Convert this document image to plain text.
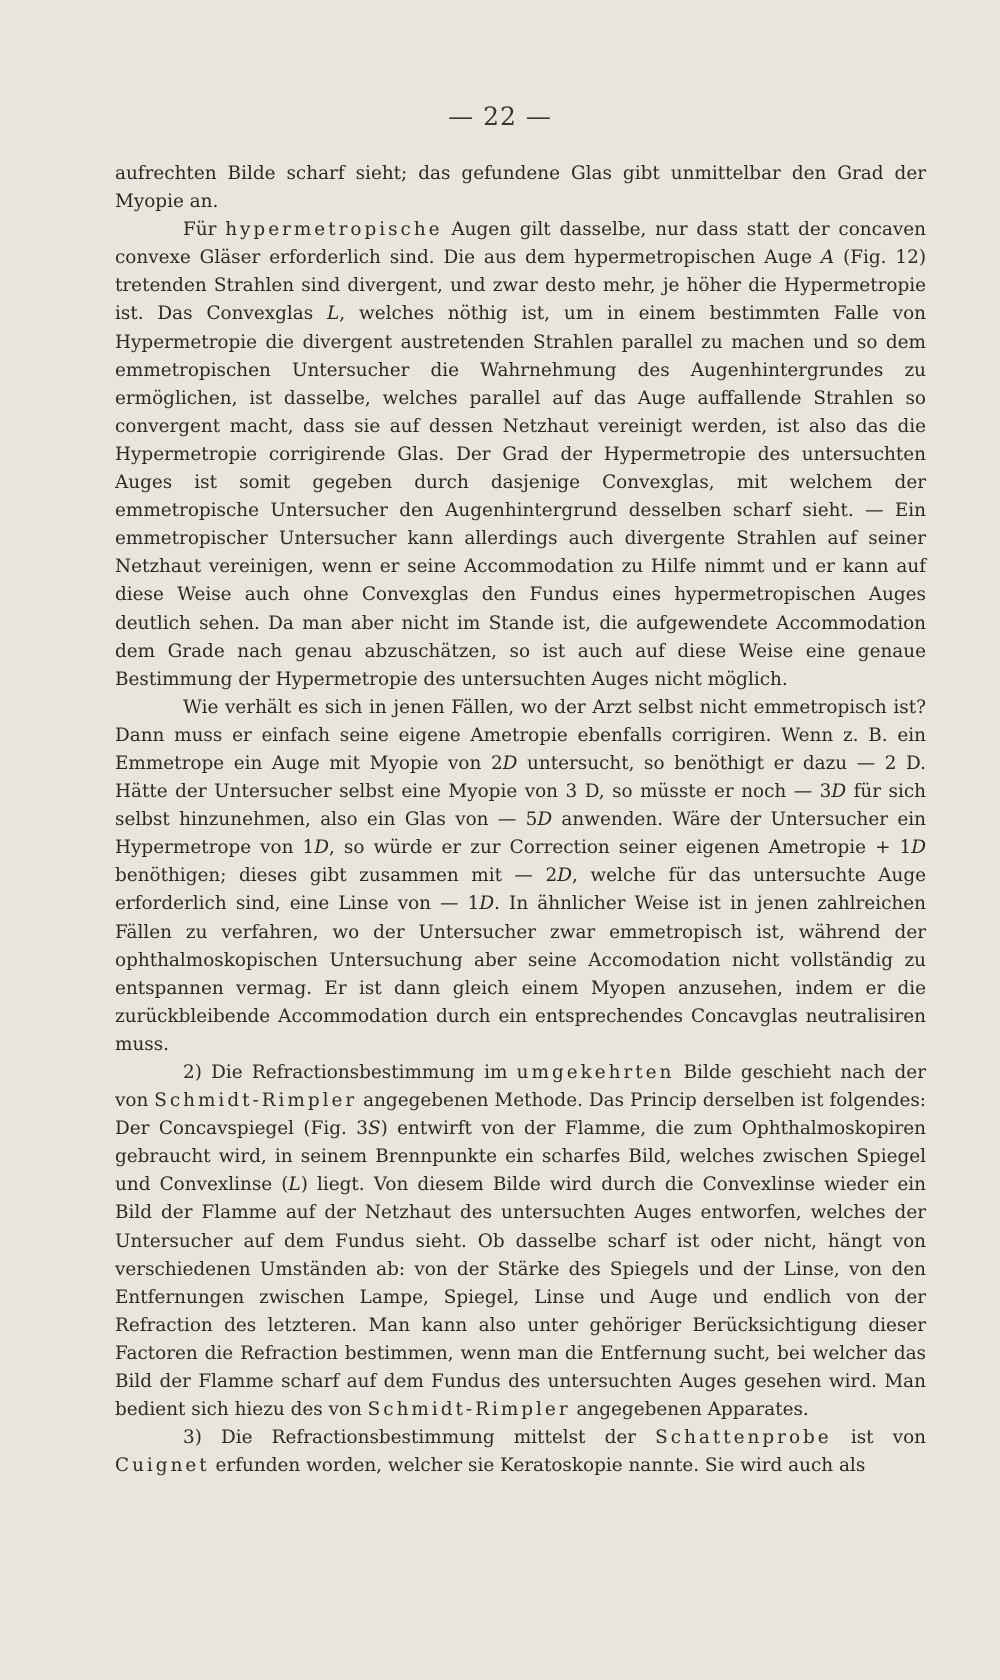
— 22 —

aufrechten Bilde scharf sieht; das gefundene Glas gibt unmittelbar den Grad der Myopie an.

Für hypermetropische Augen gilt dasselbe, nur dass statt der concaven convexe Gläser erforderlich sind. Die aus dem hypermetropischen Auge A (Fig. 12) tretenden Strahlen sind divergent, und zwar desto mehr, je höher die Hypermetropie ist. Das Convexglas L, welches nöthig ist, um in einem bestimmten Falle von Hypermetropie die divergent austretenden Strahlen parallel zu machen und so dem emmetropischen Untersucher die Wahrnehmung des Augenhintergrundes zu ermöglichen, ist dasselbe, welches parallel auf das Auge auffallende Strahlen so convergent macht, dass sie auf dessen Netzhaut vereinigt werden, ist also das die Hypermetropie corrigirende Glas. Der Grad der Hypermetropie des untersuchten Auges ist somit gegeben durch dasjenige Convexglas, mit welchem der emmetropische Untersucher den Augenhintergrund desselben scharf sieht. — Ein emmetropischer Untersucher kann allerdings auch divergente Strahlen auf seiner Netzhaut vereinigen, wenn er seine Accommodation zu Hilfe nimmt und er kann auf diese Weise auch ohne Convexglas den Fundus eines hypermetropischen Auges deutlich sehen. Da man aber nicht im Stande ist, die aufgewendete Accommodation dem Grade nach genau abzuschätzen, so ist auch auf diese Weise eine genaue Bestimmung der Hypermetropie des untersuchten Auges nicht möglich.

Wie verhält es sich in jenen Fällen, wo der Arzt selbst nicht emmetropisch ist? Dann muss er einfach seine eigene Ametropie ebenfalls corrigiren. Wenn z. B. ein Emmetrope ein Auge mit Myopie von 2D untersucht, so benöthigt er dazu — 2 D. Hätte der Untersucher selbst eine Myopie von 3 D, so müsste er noch — 3D für sich selbst hinzunehmen, also ein Glas von — 5D anwenden. Wäre der Untersucher ein Hypermetrope von 1D, so würde er zur Correction seiner eigenen Ametropie + 1D benöthigen; dieses gibt zusammen mit — 2D, welche für das untersuchte Auge erforderlich sind, eine Linse von — 1D. In ähnlicher Weise ist in jenen zahlreichen Fällen zu verfahren, wo der Untersucher zwar emmetropisch ist, während der ophthalmoskopischen Untersuchung aber seine Accomodation nicht vollständig zu entspannen vermag. Er ist dann gleich einem Myopen anzusehen, indem er die zurückbleibende Accommodation durch ein entsprechendes Concavglas neutralisiren muss.

2) Die Refractionsbestimmung im umgekehrten Bilde geschieht nach der von Schmidt-Rimpler angegebenen Methode. Das Princip derselben ist folgendes: Der Concavspiegel (Fig. 3S) entwirft von der Flamme, die zum Ophthalmoskopiren gebraucht wird, in seinem Brennpunkte ein scharfes Bild, welches zwischen Spiegel und Convexlinse (L) liegt. Von diesem Bilde wird durch die Convexlinse wieder ein Bild der Flamme auf der Netzhaut des untersuchten Auges entworfen, welches der Untersucher auf dem Fundus sieht. Ob dasselbe scharf ist oder nicht, hängt von verschiedenen Umständen ab: von der Stärke des Spiegels und der Linse, von den Entfernungen zwischen Lampe, Spiegel, Linse und Auge und endlich von der Refraction des letzteren. Man kann also unter gehöriger Berücksichtigung dieser Factoren die Refraction bestimmen, wenn man die Entfernung sucht, bei welcher das Bild der Flamme scharf auf dem Fundus des untersuchten Auges gesehen wird. Man bedient sich hiezu des von Schmidt-Rimpler angegebenen Apparates.

3) Die Refractionsbestimmung mittelst der Schattenprobe ist von Cuignet erfunden worden, welcher sie Keratoskopie nannte. Sie wird auch als
